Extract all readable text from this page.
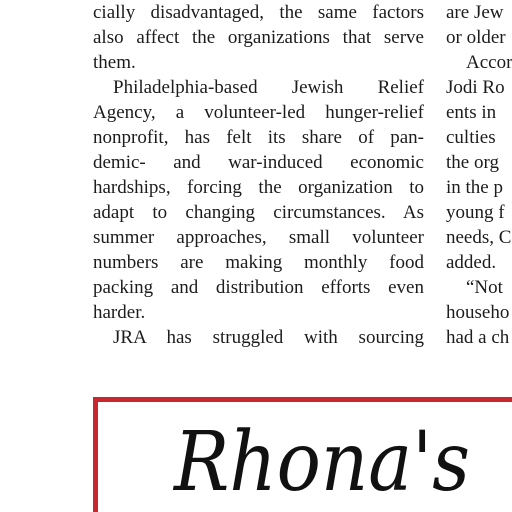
cially disadvantaged, the same factors
also affect the organizations that serve
them.
Philadelphia-based Jewish Relief
Agency, a volunteer-led hunger-relief
nonprofit, has felt its share of pan-
demic- and war-induced economic
hardships, forcing the organization to
adapt to changing circumstances. As
summer approaches, small volunteer
numbers are making monthly food
packing and distribution efforts even
harder.
JRA has struggled with sourcing
are Jew
or older
Accor
Jodi Ro
ents in
culties
the org
in the p
young f
needs, C
added.
“Not
househo
had a ch
Rhona's
